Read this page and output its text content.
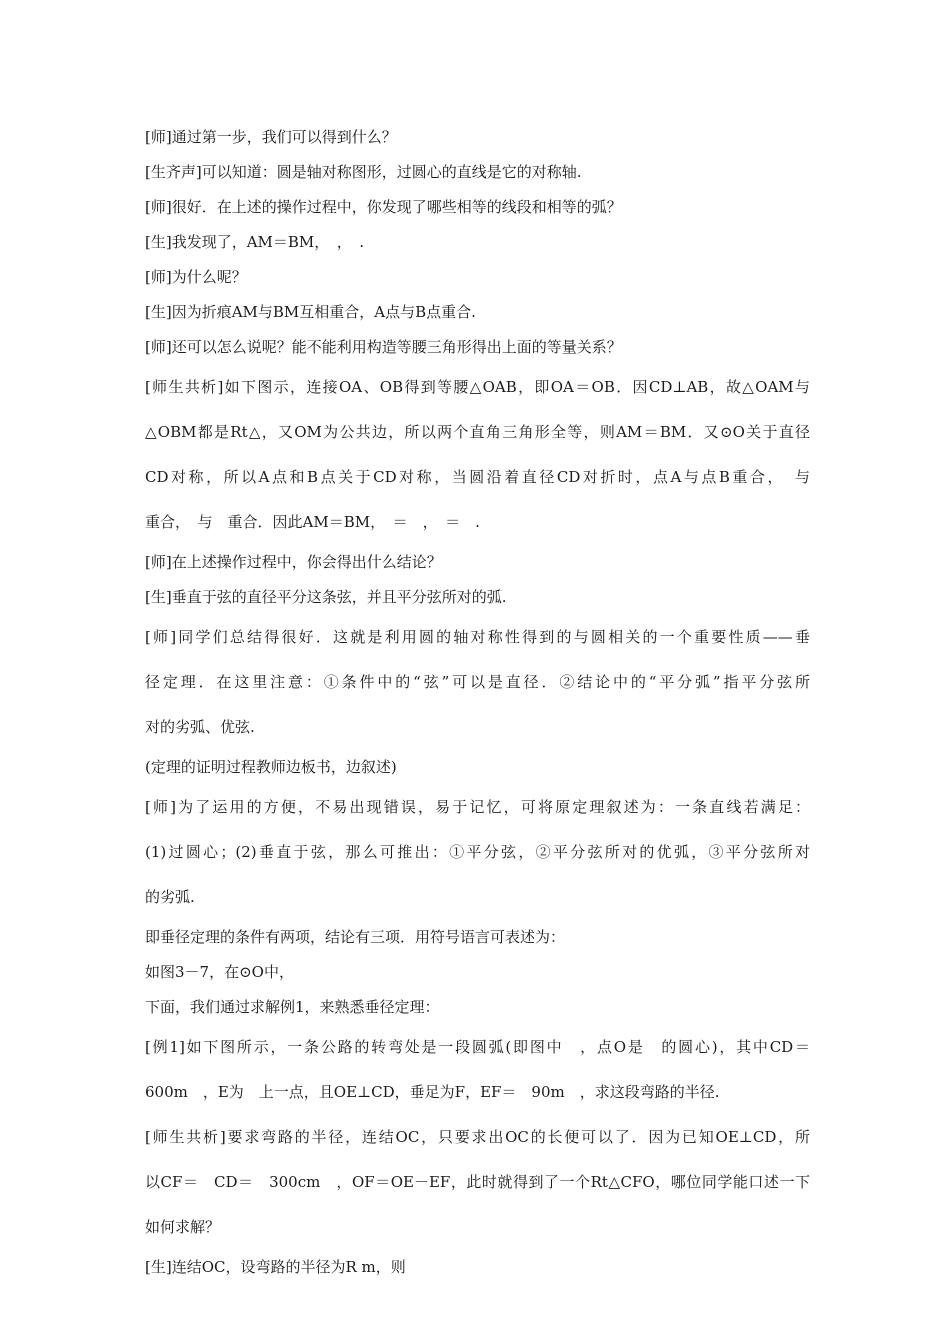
[师]通过第一步，我们可以得到什么？
[生齐声]可以知道：圆是轴对称图形，过圆心的直线是它的对称轴.
[师]很好．在上述的操作过程中，你发现了哪些相等的线段和相等的弧？
[生]我发现了，AM＝BM，　，　.
[师]为什么呢？
[生]因为折痕AM与BM互相重合，A点与B点重合.
[师]还可以怎么说呢？能不能利用构造等腰三角形得出上面的等量关系？
[师生共析]如下图示，连接OA、OB得到等腰△OAB，即OA＝OB．因CD⊥AB，故△OAM与
△OBM都是Rt△，又OM为公共边，所以两个直角三角形全等，则AM＝BM．又⊙O关于直径
CD对称，所以A点和B点关于CD对称，当圆沿着直径CD对折时，点A与点B重合，　与
重合，　与　重合．因此AM＝BM，　＝　，　＝　.
[师]在上述操作过程中，你会得出什么结论？
[生]垂直于弦的直径平分这条弦，并且平分弦所对的弧.
[师]同学们总结得很好．这就是利用圆的轴对称性得到的与圆相关的一个重要性质——垂
径定理．在这里注意：①条件中的“弦”可以是直径．②结论中的“平分弧”指平分弦所
对的劣弧、优弦.
(定理的证明过程教师边板书，边叙述)
[师]为了运用的方便，不易出现错误，易于记忆，可将原定理叙述为：一条直线若满足：
(1)过圆心；(2)垂直于弦，那么可推出：①平分弦，②平分弦所对的优弧，③平分弦所对
的劣弧.
即垂径定理的条件有两项，结论有三项．用符号语言可表述为：
如图3－7，在⊙O中，
下面，我们通过求解例1，来熟悉垂径定理：
[例1]如下图所示，一条公路的转弯处是一段圆弧(即图中　，点O是　的圆心)，其中CD＝
600m　，E为　上一点，且OE⊥CD，垂足为F，EF＝　90m　，求这段弯路的半径.
[师生共析]要求弯路的半径，连结OC，只要求出OC的长便可以了．因为已知OE⊥CD，所
以CF＝　CD＝　300cm　，OF＝OE－EF，此时就得到了一个Rt△CFO，哪位同学能口述一下
如何求解？
[生]连结OC，设弯路的半径为R m，则
